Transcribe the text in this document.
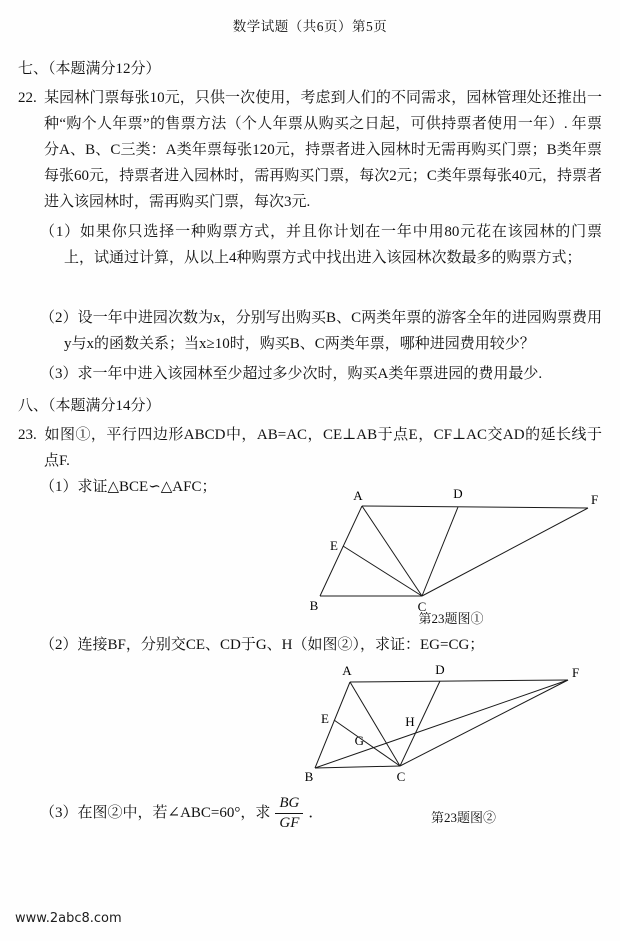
数学试题（共6页）第5页
七、（本题满分12分）

22. 某园林门票每张10元，只供一次使用，考虑到人们的不同需求，园林管理处还推出一种“购个人年票”的售票方法（个人年票从购买之日起，可供持票者使用一年）. 年票分A、B、C三类：A类年票每张120元，持票者进入园林时无需再购买门票；B类年票每张60元，持票者进入园林时，需再购买门票，每次2元；C类年票每张40元，持票者进入该园林时，需再购买门票，每次3元.

（1）如果你只选择一种购票方式，并且你计划在一年中用80元花在该园林的门票上，试通过计算，从以上4种购票方式中找出进入该园林次数最多的购票方式；

（2）设一年中进园次数为x，分别写出购买B、C两类年票的游客全年的进园购票费用y与x的函数关系；当x≥10时，购买B、C两类年票，哪种进园费用较少？

（3）求一年中进入该园林至少超过多少次时，购买A类年票进园的费用最少.

八、（本题满分14分）

23. 如图①，平行四边形ABCD中，AB=AC，CE⊥AB于点E，CF⊥AC交AD的延长线于点F.

（1）求证△BCE∽△AFC；

A	D	F
E
B	C
第23题图①

（2）连接BF，分别交CE、CD于G、H（如图②），求证：EG=CG；

A	D	F
E
G
H
B	C
（3）在图②中，若∠ABC=60°，求 $\frac{BG}{GF}$ ．	第23题图②
www.2abc8.com
